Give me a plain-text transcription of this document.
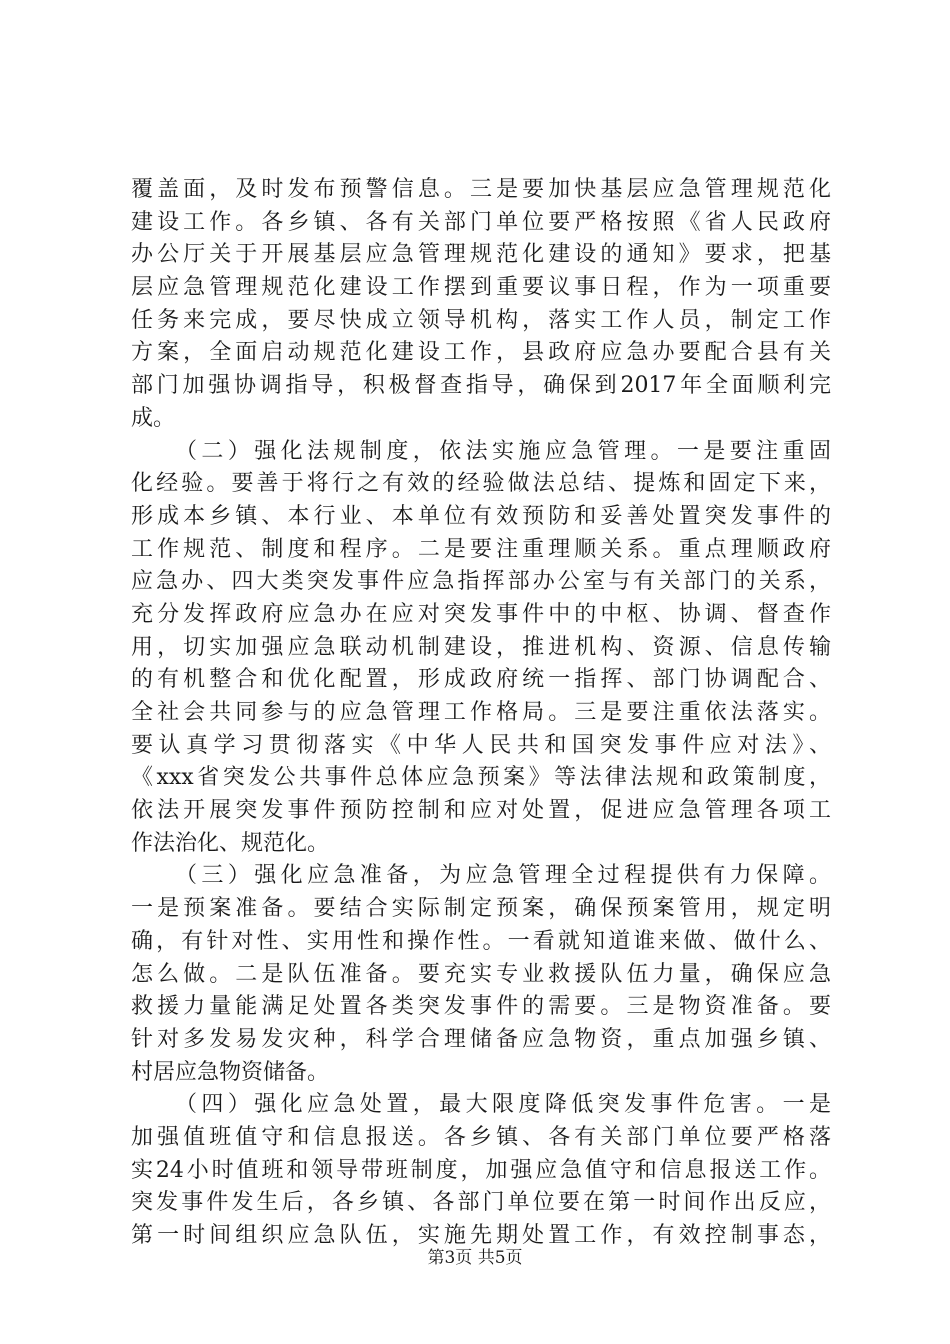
覆盖面，及时发布预警信息。三是要加快基层应急管理规范化
建设工作。各乡镇、各有关部门单位要严格按照《省人民政府
办公厅关于开展基层应急管理规范化建设的通知》要求，把基
层应急管理规范化建设工作摆到重要议事日程，作为一项重要
任务来完成，要尽快成立领导机构，落实工作人员，制定工作
方案，全面启动规范化建设工作，县政府应急办要配合县有关
部门加强协调指导，积极督查指导，确保到2017年全面顺利完
成。
（二）强化法规制度，依法实施应急管理。一是要注重固
化经验。要善于将行之有效的经验做法总结、提炼和固定下来，
形成本乡镇、本行业、本单位有效预防和妥善处置突发事件的
工作规范、制度和程序。二是要注重理顺关系。重点理顺政府
应急办、四大类突发事件应急指挥部办公室与有关部门的关系，
充分发挥政府应急办在应对突发事件中的中枢、协调、督查作
用，切实加强应急联动机制建设，推进机构、资源、信息传输
的有机整合和优化配置，形成政府统一指挥、部门协调配合、
全社会共同参与的应急管理工作格局。三是要注重依法落实。
要认真学习贯彻落实《中华人民共和国突发事件应对法》、
《xxx省突发公共事件总体应急预案》等法律法规和政策制度，
依法开展突发事件预防控制和应对处置，促进应急管理各项工
作法治化、规范化。
（三）强化应急准备，为应急管理全过程提供有力保障。
一是预案准备。要结合实际制定预案，确保预案管用，规定明
确，有针对性、实用性和操作性。一看就知道谁来做、做什么、
怎么做。二是队伍准备。要充实专业救援队伍力量，确保应急
救援力量能满足处置各类突发事件的需要。三是物资准备。要
针对多发易发灾种，科学合理储备应急物资，重点加强乡镇、
村居应急物资储备。
（四）强化应急处置，最大限度降低突发事件危害。一是
加强值班值守和信息报送。各乡镇、各有关部门单位要严格落
实24小时值班和领导带班制度，加强应急值守和信息报送工作。
突发事件发生后，各乡镇、各部门单位要在第一时间作出反应，
第一时间组织应急队伍，实施先期处置工作，有效控制事态，
第3页 共5页
